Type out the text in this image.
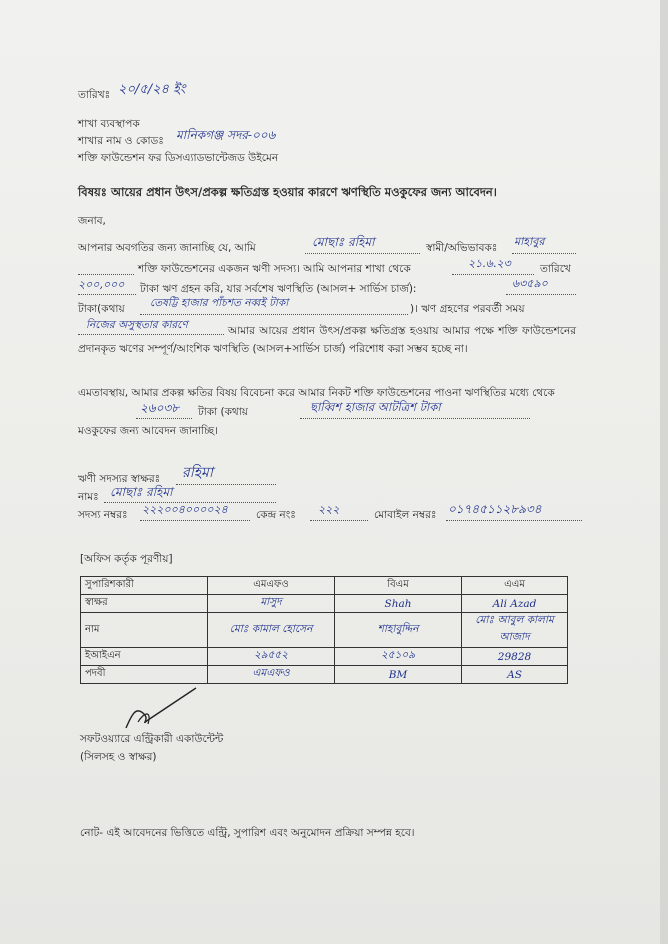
তারিখঃ ২০/৫/২৪ ইং
শাখা ব্যবস্থাপক
শাখার নাম ও কোডঃ মানিকগঞ্জ সদর-০০৬
শক্তি ফাউন্ডেশন ফর ডিসএ্যাডভান্টেজড উইমেন
বিষয়ঃ আয়ের প্রধান উৎস/প্রকল্প ক্ষতিগ্রস্ত হওয়ার কারণে ঋণস্থিতি মওকুফের জন্য আবেদন।
জনাব,
আপনার অবগতির জন্য জানাচ্ছি যে, আমি	মোছাঃ রহিমা	স্বামী/অভিভাবকঃ মাহাবুর
শক্তি ফাউন্ডেশনের একজন ঋণী সদস্য। আমি আপনার শাখা থেকে	২১.৬.২৩	তারিখে
২০০,০০০ টাকা ঋণ গ্রহন করি, যার সর্বশেষ ঋণস্থিতি (আসল+ সার্ভিস চার্জ):	৬৩৫৯০
টাকা(কথায় তেষট্টি হাজার পাঁচশত নব্বই টাকা	)। ঋণ গ্রহণের পরবর্তী সময়
নিজের অসুস্থতার কারণে	আমার আয়ের প্রধান উৎস/প্রকল্প ক্ষতিগ্রস্ত হওয়ায় আমার পক্ষে শক্তি ফাউন্ডেশনের প্রদানকৃত ঋণের সম্পূর্ণ/আংশিক ঋণস্থিতি (আসল+সার্ভিস চার্জ) পরিশোধ করা সম্ভব হচ্ছে না।
এমতাবস্থায়, আমার প্রকল্প ক্ষতির বিষয় বিবেচনা করে আমার নিকট শক্তি ফাউন্ডেশনের পাওনা ঋণস্থিতির মধ্যে থেকে
২৬০৩৮ টাকা (কথায়	ছাব্বিশ হাজার আটত্রিশ টাকা
মওকুফের জন্য আবেদন জানাচ্ছি।
ঋণী সদস্যর স্বাক্ষরঃ রহিমা
নামঃ মোছাঃ রহিমা
সদস্য নম্বরঃ ২২২০০৪০০০০২৪	কেন্দ্র নংঃ ২২২	মোবাইল নম্বরঃ ০১৭৪৫১১২৮৯৩৪
[অফিস কর্তৃক পূরণীয়]
সুপারিশকারী	এমএফও	বিএম	এএম
স্বাক্ষর	মাসুদ	Shah	Ali Azad
নাম	মোঃ কামাল হোসেন	শাহাবুদ্দিন	মোঃ আবুল কালাম আজাদ
ইআইএন	২৯৫৫২	২৫১০৯	29828
পদবী	এমএফও	BM	AS
সফটওয়্যারে এন্ট্রিকারী একাউন্টেন্ট
(সিলসহ ও স্বাক্ষর)
নোট- এই আবেদনের ভিত্তিতে এন্ট্রি, সুপারিশ এবং অনুমোদন প্রক্রিয়া সম্পন্ন হবে।
